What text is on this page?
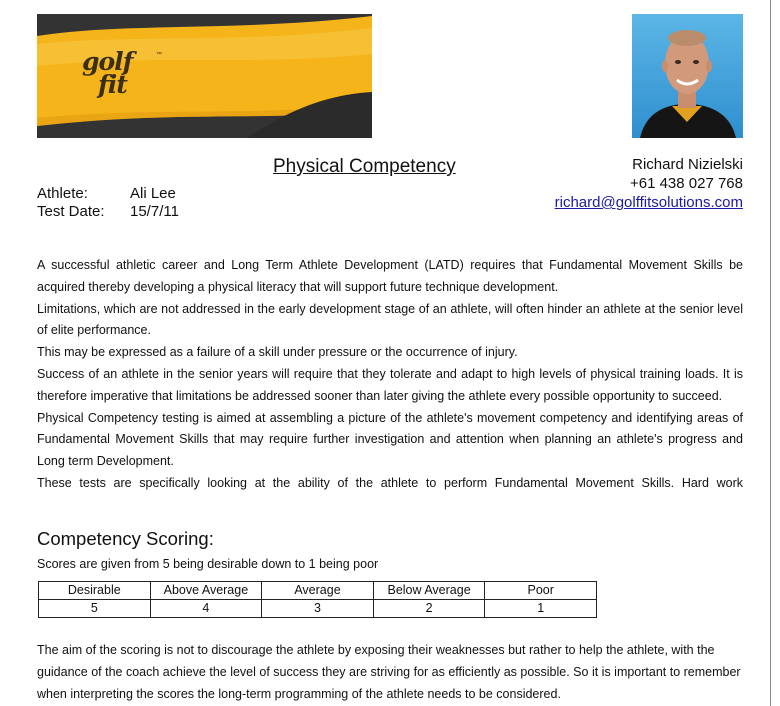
golf
fit
™
Physical Competency	Richard Nizielski
+61 438 027 768
richard@golffitsolutions.com
Athlete:	Ali Lee
Test Date:	15/7/11

A successful athletic career and Long Term Athlete Development (LATD) requires that Fundamental Movement Skills be acquired thereby developing a physical literacy that will support future technique development.

Limitations, which are not addressed in the early development stage of an athlete, will often hinder an athlete at the senior level of elite performance.

This may be expressed as a failure of a skill under pressure or the occurrence of injury.

Success of an athlete in the senior years will require that they tolerate and adapt to high levels of physical training loads. It is therefore imperative that limitations be addressed sooner than later giving the athlete every possible opportunity to succeed.

Physical Competency testing is aimed at assembling a picture of the athlete's movement competency and identifying areas of Fundamental Movement Skills that may require further investigation and attention when planning an athlete's progress and Long term Development.

These tests are specifically looking at the ability of the athlete to perform Fundamental Movement Skills. Hard work

Competency Scoring:
Scores are given from 5 being desirable down to 1 being poor
Desirable	Above Average	Average	Below Average	Poor
5	4	3	2	1

The aim of the scoring is not to discourage the athlete by exposing their weaknesses but rather to help the athlete, with the guidance of the coach achieve the level of success they are striving for as efficiently as possible. So it is important to remember when interpreting the scores the long-term programming of the athlete needs to be considered.
